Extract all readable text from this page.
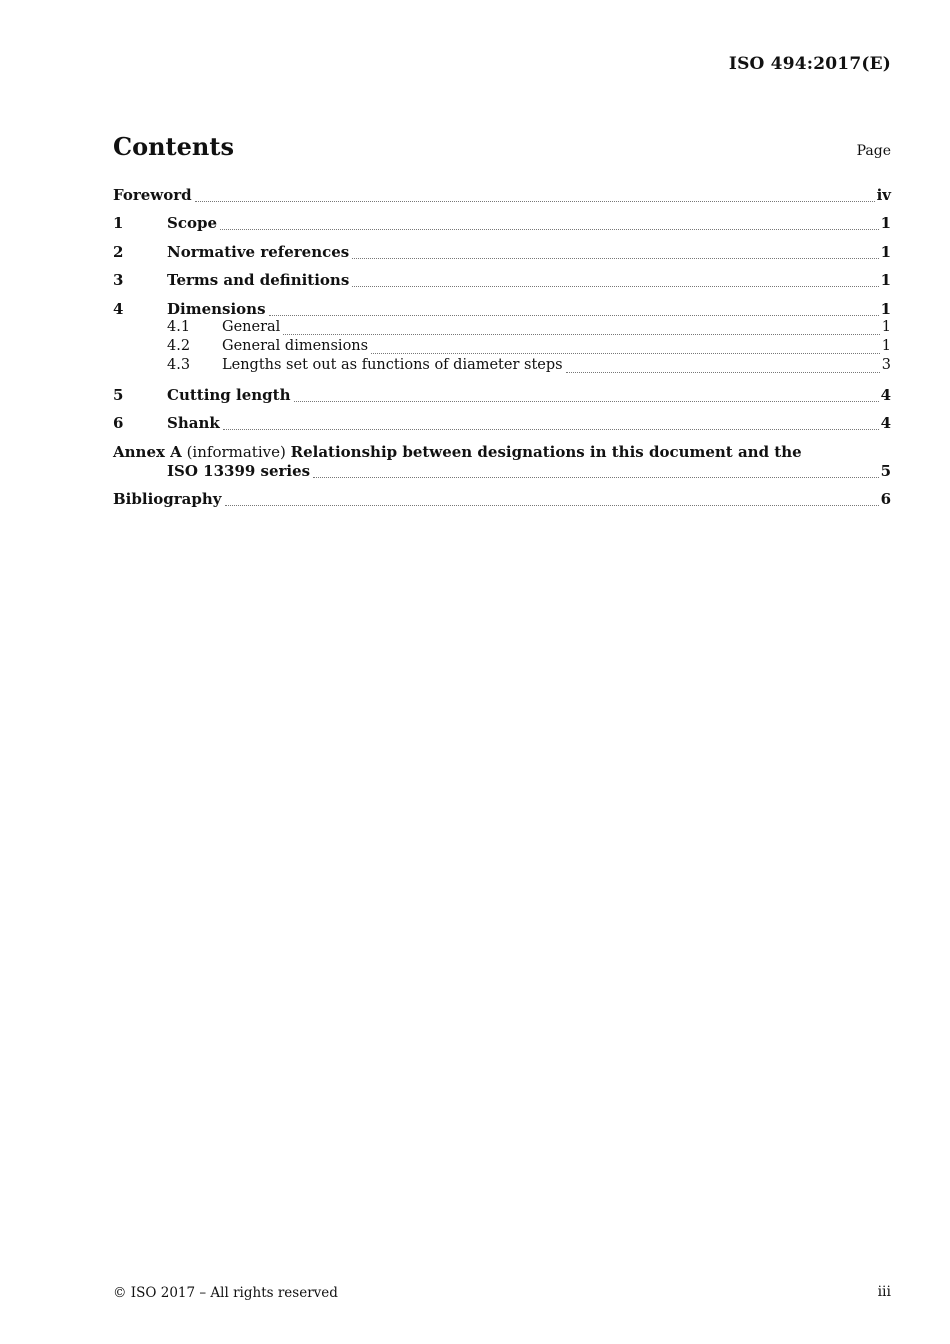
ISO 494:2017(E)
Contents	Page
Foreword	iv
1	Scope	1
2	Normative references	1
3	Terms and definitions	1
4	Dimensions	1
4.1	General	1
4.2	General dimensions	1
4.3	Lengths set out as functions of diameter steps	3
5	Cutting length	4
6	Shank	4
Annex A (informative) Relationship between designations in this document and the
ISO 13399 series	5
Bibliography	6
© ISO 2017 – All rights reserved	iii
